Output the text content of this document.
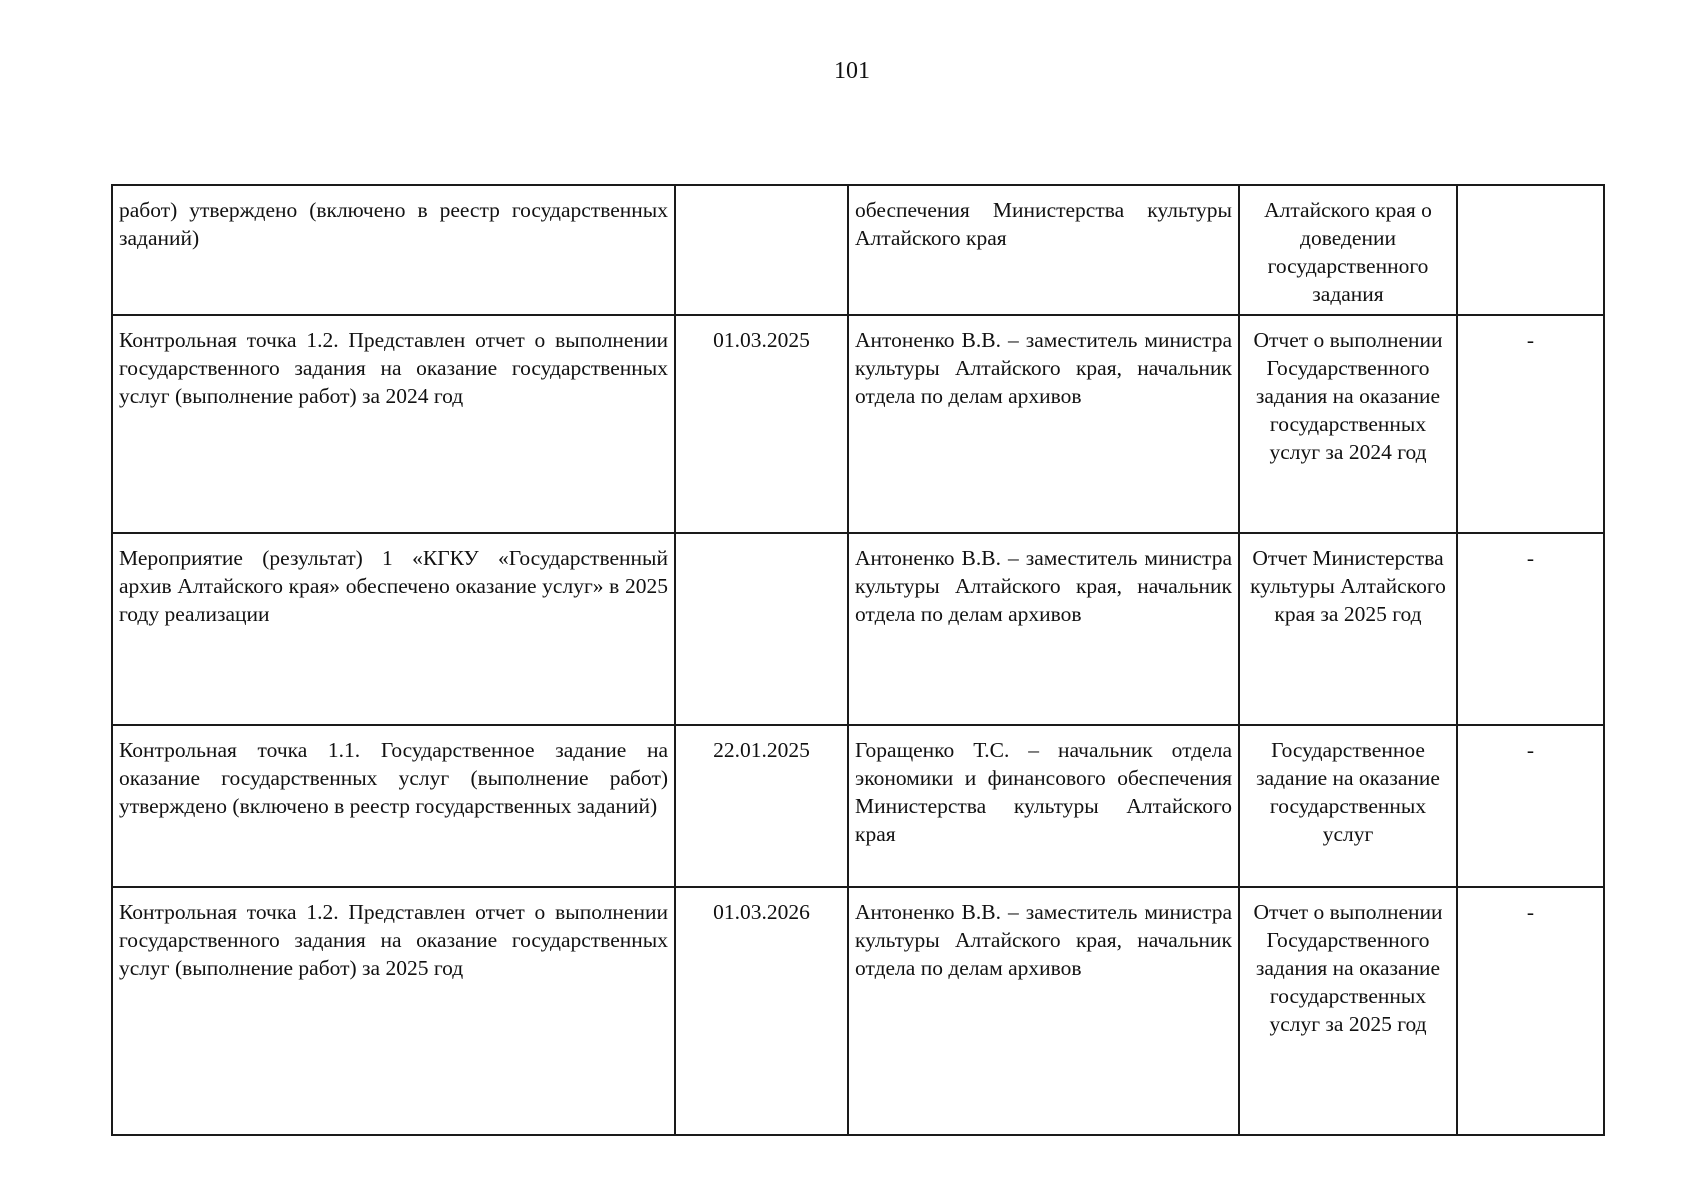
101
работ) утверждено (включено в реестр государственных заданий)		обеспечения Министерства культуры Алтайского края	Алтайского края о доведении государственного задания	
Контрольная точка 1.2. Представлен отчет о выполнении государственного задания на оказание государственных услуг (выполнение работ) за 2024 год	01.03.2025	Антоненко В.В. – заместитель министра культуры Алтайского края, начальник отдела по делам архивов	Отчет о выполнении Государственного задания на оказание государственных услуг за 2024 год	-
Мероприятие (результат) 1 «КГКУ «Государственный архив Алтайского края» обеспечено оказание услуг» в 2025 году реализации		Антоненко В.В. – заместитель министра культуры Алтайского края, начальник отдела по делам архивов	Отчет Министерства культуры Алтайского края за 2025 год	-
Контрольная точка 1.1. Государственное задание на оказание государственных услуг (выполнение работ) утверждено (включено в реестр государственных заданий)	22.01.2025	Горащенко Т.С. – начальник отдела экономики и финансового обеспечения Министерства культуры Алтайского края	Государственное задание на оказание государственных услуг	-
Контрольная точка 1.2. Представлен отчет о выполнении государственного задания на оказание государственных услуг (выполнение работ) за 2025 год	01.03.2026	Антоненко В.В. – заместитель министра культуры Алтайского края, начальник отдела по делам архивов	Отчет о выполнении Государственного задания на оказание государственных услуг за 2025 год	-
